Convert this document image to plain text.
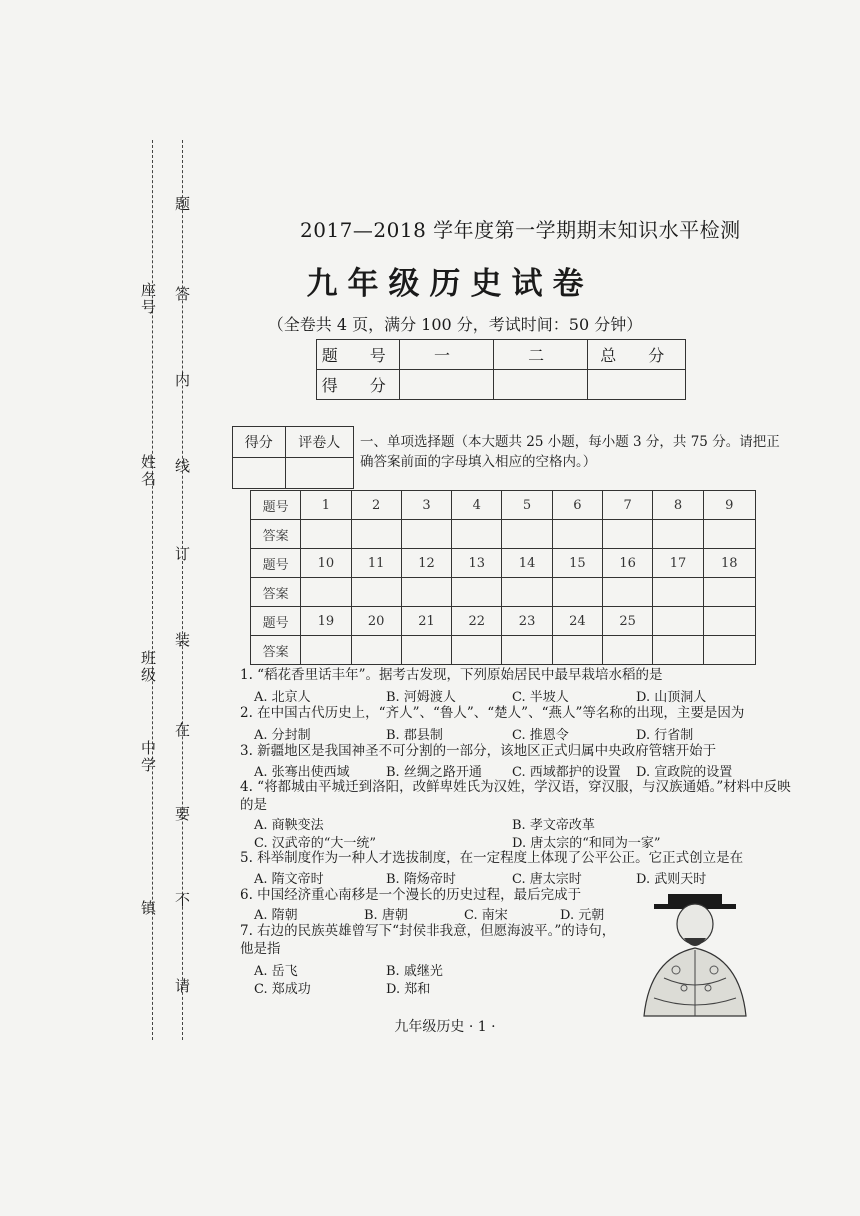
座号
姓名
班级
中学
镇
题
答
内
线
订
装
在
要
不
请
2017—2018 学年度第一学期期末知识水平检测
九年级历史试卷
（全卷共 4 页，满分 100 分，考试时间：50 分钟）
题　号	一	二	总　分
得　分			
得分	评卷人
	一、单项选择题（本大题共 25 小题，每小题 3 分，共 75 分。请把正确答案前面的字母填入相应的空格内。）
题号	1	2	3	4	5	6	7	8	9
答案									
题号	10	11	12	13	14	15	16	17	18
答案									
题号	19	20	21	22	23	24	25		
答案									
1. “稻花香里话丰年”。据考古发现，下列原始居民中最早栽培水稻的是
A. 北京人	B. 河姆渡人	C. 半坡人	D. 山顶洞人
2. 在中国古代历史上，“齐人”、“鲁人”、“楚人”、“燕人”等名称的出现，主要是因为
A. 分封制	B. 郡县制	C. 推恩令	D. 行省制
3. 新疆地区是我国神圣不可分割的一部分，该地区正式归属中央政府管辖开始于
A. 张骞出使西域	B. 丝绸之路开通 C. 西域都护的设置 D. 宣政院的设置
4. “将都城由平城迁到洛阳，改鲜卑姓氏为汉姓，学汉语，穿汉服，与汉族通婚。”材料中反映
的是
A. 商鞅变法	B. 孝文帝改革
C. 汉武帝的“大一统”	D. 唐太宗的“和同为一家”
5. 科举制度作为一种人才选拔制度，在一定程度上体现了公平公正。它正式创立是在
A. 隋文帝时	B. 隋炀帝时	C. 唐太宗时	D. 武则天时
6. 中国经济重心南移是一个漫长的历史过程，最后完成于
A. 隋朝	B. 唐朝	C. 南宋	D. 元朝
7. 右边的民族英雄曾写下“封侯非我意，但愿海波平。”的诗句，
他是指
A. 岳飞	B. 戚继光
C. 郑成功	D. 郑和
九年级历史 · 1 ·
